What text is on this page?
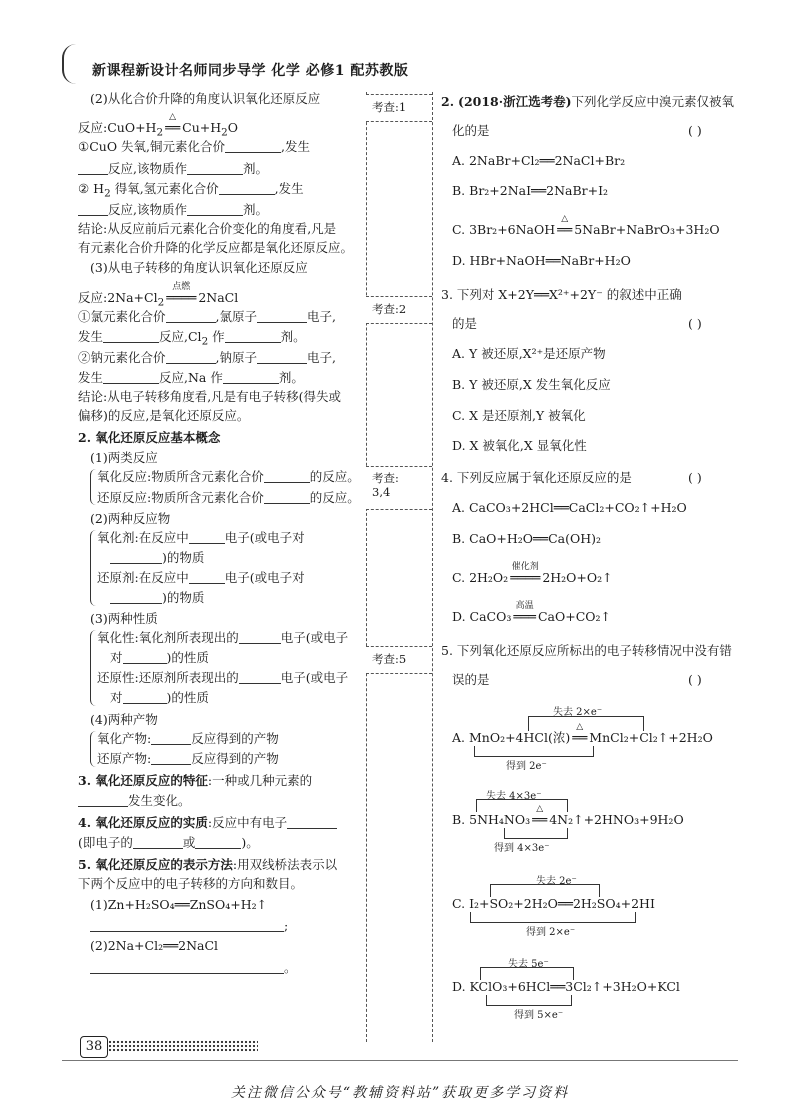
新课程新设计名师同步导学 化学 必修1 配苏教版
考查:1
考查:2
考查:
3,4
考查:5
(2)从化合价升降的角度认识氧化还原反应
反应$:CuO+H_2$
△
══ $Cu+H_2O$
①CuO 失氧,铜元素化合价	,发生
反应,该物质作	剂。
② $H_2$ 得氧,氢元素化合价	,发生
反应,该物质作	剂。
结论:从反应前后元素化合价变化的角度看,凡是
有元素化合价升降的化学反应都是氧化还原反应。
(3)从电子转移的角度认识氧化还原反应
反应$:2Na+Cl_2$
点燃
════ 2NaCl
①氯元素化合价	,氯原子	电子,
发生	反应$,Cl_2$ 作	剂。
②钠元素化合价	,钠原子	电子,
发生	反应,Na 作	剂。
结论:从电子转移角度看,凡是有电子转移(得失或
偏移)的反应,是氧化还原反应。
2. 氧化还原反应基本概念
(1)两类反应
氧化反应:物质所含元素化合价	的反应。
还原反应:物质所含元素化合价	的反应。
(2)两种反应物
氧化剂:在反应中	电子(或电子对
)的物质
还原剂:在反应中	电子(或电子对
)的物质
(3)两种性质
氧化性:氧化剂所表现出的	电子(或电子
对	)的性质
还原性:还原剂所表现出的	电子(或电子
对	)的性质
(4)两种产物
氧化产物:	反应得到的产物
还原产物:	反应得到的产物
3. 氧化还原反应的特征:一种或几种元素的
发生变化。
4. 氧化还原反应的实质:反应中有电子
(即电子的	或	)。
5. 氧化还原反应的表示方法:用双线桥法表示以
下两个反应中的电子转移的方向和数目。
(1)Zn+H₂SO₄══ZnSO₄+H₂↑
;
(2)2Na+Cl₂══2NaCl
。
2. (2018·浙江选考卷)下列化学反应中溴元素仅被氧
化的是	( )
A. 2NaBr+Cl₂══2NaCl+Br₂
B. Br₂+2NaI══2NaBr+I₂
C. 3Br₂+6NaOH
△
══ 5NaBr+NaBrO₃+3H₂O
D. HBr+NaOH══NaBr+H₂O
3. 下列对 X+2Y══X²⁺+2Y⁻ 的叙述中正确
的是	( )
A. Y 被还原,X²⁺是还原产物
B. Y 被还原,X 发生氧化反应
C. X 是还原剂,Y 被氧化
D. X 被氧化,X 显氧化性
4. 下列反应属于氧化还原反应的是	( )
A. CaCO₃+2HCl══CaCl₂+CO₂↑+H₂O
B. CaO+H₂O══Ca(OH)₂
C. 2H₂O₂
催化剂
════ 2H₂O+O₂↑
D. CaCO₃
高温
═══ CaO+CO₂↑
5. 下列氧化还原反应所标出的电子转移情况中没有错
误的是	( )
失去 2×e⁻
A. MnO₂+4HCl(浓)
△
══ MnCl₂+Cl₂↑+2H₂O
得到 2e⁻
失去 4×3e⁻
B. 5NH₄NO₃
△
══ 4N₂↑+2HNO₃+9H₂O
得到 4×3e⁻
失去 2e⁻
C. I₂+SO₂+2H₂O══2H₂SO₄+2HI
得到 2×e⁻
失去 5e⁻
D. KClO₃+6HCl══3Cl₂↑+3H₂O+KCl
得到 5×e⁻
38
关注微信公众号“教辅资料站”获取更多学习资料
